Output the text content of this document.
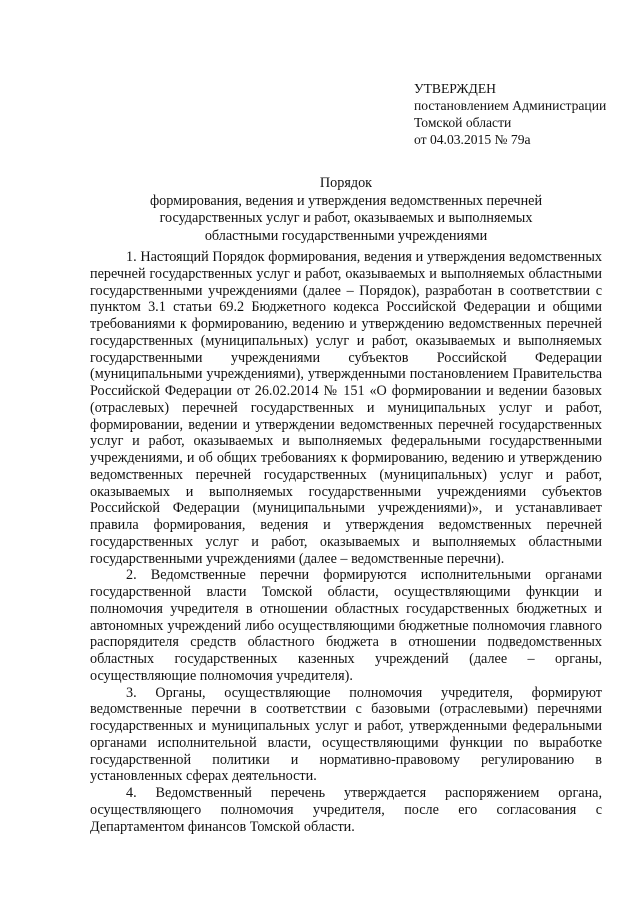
УТВЕРЖДЕН
постановлением Администрации
Томской области
от 04.03.2015 № 79а
Порядок
формирования, ведения и утверждения ведомственных перечней
государственных услуг и работ, оказываемых и выполняемых
областными государственными учреждениями

1. Настоящий Порядок формирования, ведения и утверждения ведомственных перечней государственных услуг и работ, оказываемых и выполняемых областными государственными учреждениями (далее – Порядок), разработан в соответствии с пунктом 3.1 статьи 69.2 Бюджетного кодекса Российской Федерации и общими требованиями к формированию, ведению и утверждению ведомственных перечней государственных (муниципальных) услуг и работ, оказываемых и выполняемых государственными учреждениями субъектов Российской Федерации (муниципальными учреждениями), утвержденными постановлением Правительства Российской Федерации от 26.02.2014 № 151 «О формировании и ведении базовых (отраслевых) перечней государственных и муниципальных услуг и работ, формировании, ведении и утверждении ведомственных перечней государственных услуг и работ, оказываемых и выполняемых федеральными государственными учреждениями, и об общих требованиях к формированию, ведению и утверждению ведомственных перечней государственных (муниципальных) услуг и работ, оказываемых и выполняемых государственными учреждениями субъектов Российской Федерации (муниципальными учреждениями)», и устанавливает правила формирования, ведения и утверждения ведомственных перечней государственных услуг и работ, оказываемых и выполняемых областными государственными учреждениями (далее – ведомственные перечни).

2. Ведомственные перечни формируются исполнительными органами государственной власти Томской области, осуществляющими функции и полномочия учредителя в отношении областных государственных бюджетных и автономных учреждений либо осуществляющими бюджетные полномочия главного распорядителя средств областного бюджета в отношении подведомственных областных государственных казенных учреждений (далее – органы, осуществляющие полномочия учредителя).

3. Органы, осуществляющие полномочия учредителя, формируют ведомственные перечни в соответствии с базовыми (отраслевыми) перечнями государственных и муниципальных услуг и работ, утвержденными федеральными органами исполнительной власти, осуществляющими функции по выработке государственной политики и нормативно-правовому регулированию в установленных сферах деятельности.

4. Ведомственный перечень утверждается распоряжением органа, осуществляющего полномочия учредителя, после его согласования с Департаментом финансов Томской области.
